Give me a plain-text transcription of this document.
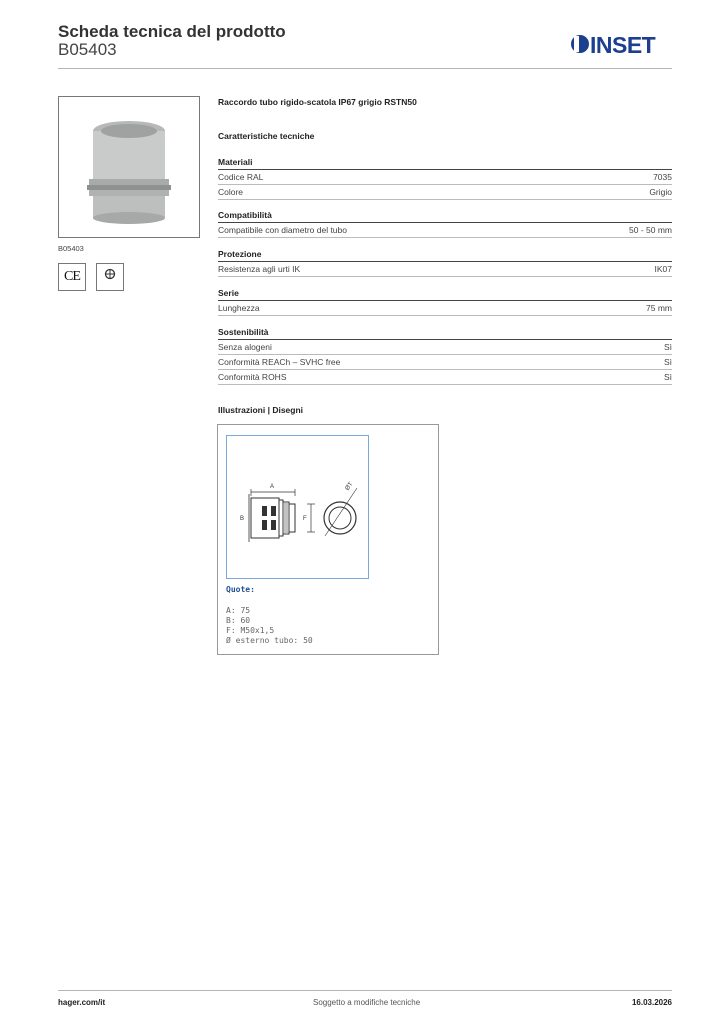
Scheda tecnica del prodotto
B05403	INSET
B05403
CE
Raccordo tubo rigido-scatola IP67 grigio RSTN50
Caratteristiche tecniche
Materiali
Codice RAL	7035
Colore	Grigio
Compatibilità
Compatibile con diametro del tubo	50 - 50 mm
Protezione
Resistenza agli urti IK	IK07
Serie
Lunghezza	75 mm
Sostenibilità
Senza alogeni	Sì
Conformità REACh – SVHC free	Sì
Conformità ROHS	Sì
Illustrazioni | Disegni
A
B	F
ØT
Quote:
A: 75
B: 60
F: M50x1,5
Ø esterno tubo: 50
hager.com/it	Soggetto a modifiche tecniche	16.03.2026
